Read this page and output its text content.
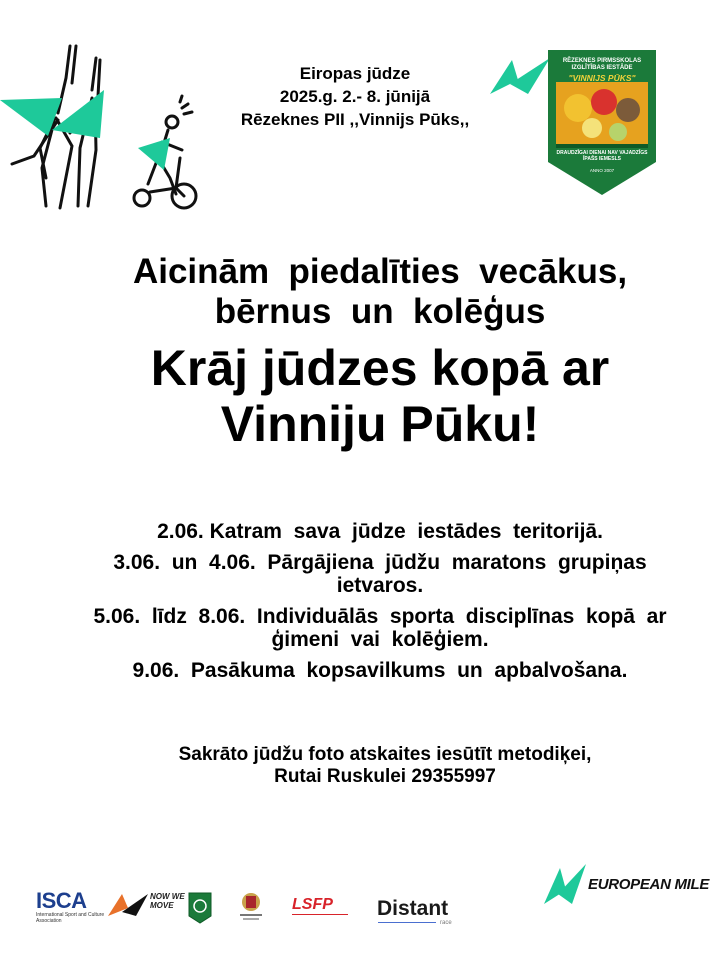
Eiropas jūdze
2025.g. 2.- 8. jūnijā
Rēzeknes PII ,,Vinnijs Pūks,,
RĒZEKNES PIRMSSKOLAS IZGLĪTĪBAS IESTĀDE
"VINNIJS PŪKS"
DRAUDZĪGAI DIENAI NAV VAJADZĪGS ĪPAŠS IEMESLS
ANNO 2007
Aicinām  piedalīties  vecākus,
bērnus  un  kolēģus
Krāj jūdzes kopā ar
Vinniju Pūku!
2.06. Katram  sava  jūdze  iestādes  teritorijā.
3.06.  un  4.06.  Pārgājiena  jūdžu  maratons  grupiņas  ietvaros.
5.06.  līdz  8.06.  Individuālās  sporta  disciplīnas  kopā  ar  ģimeni  vai  kolēģiem.
9.06.  Pasākuma  kopsavilkums  un  apbalvošana.
Sakrāto jūdžu foto atskaites iesūtīt metodiķei,
Rutai Ruskulei 29355997
EUROPEAN MILE
ISCA
International Sport and Culture Association
NOW WE MOVE	LSFP Distant
race
